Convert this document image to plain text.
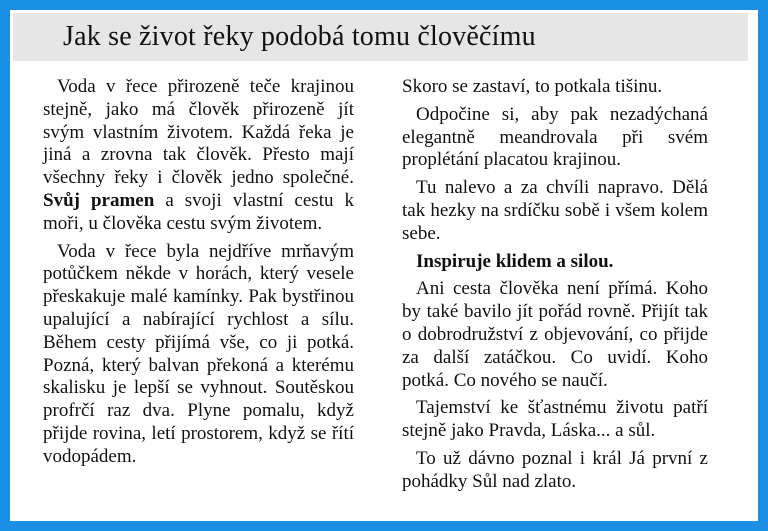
Jak se život řeky podobá tomu člověčímu

Voda v řece přirozeně teče krajinou stejně, jako má člověk přirozeně jít svým vlastním životem. Každá řeka je jiná a zrovna tak člověk. Přesto mají všechny řeky i člověk jedno společné. Svůj pramen a svoji vlastní cestu k moři, u člověka cestu svým životem.

Voda v řece byla nejdříve mrňavým potůčkem někde v horách, který vesele přeskakuje malé kamínky. Pak bystřinou upalující a nabírající rychlost a sílu. Během cesty přijímá vše, co ji potká. Pozná, který balvan překoná a kterému skalisku je lepší se vyhnout. Soutěskou profrčí raz dva. Plyne pomalu, když přijde rovina, letí prostorem, když se řítí vodopádem.

Skoro se zastaví, to potkala tišinu.

Odpočine si, aby pak nezadýchaná elegantně meandrovala při svém proplétání placatou krajinou.

Tu nalevo a za chvíli napravo. Dělá tak hezky na srdíčku sobě i všem kolem sebe.

Inspiruje klidem a silou.

Ani cesta člověka není přímá. Koho by také bavilo jít pořád rovně. Přijít tak o dobrodružství z objevování, co přijde za další zatáčkou. Co uvidí. Koho potká. Co nového se naučí.

Tajemství ke šťastnému životu patří stejně jako Pravda, Láska... a sůl.

To už dávno poznal i král Já první z pohádky Sůl nad zlato.
